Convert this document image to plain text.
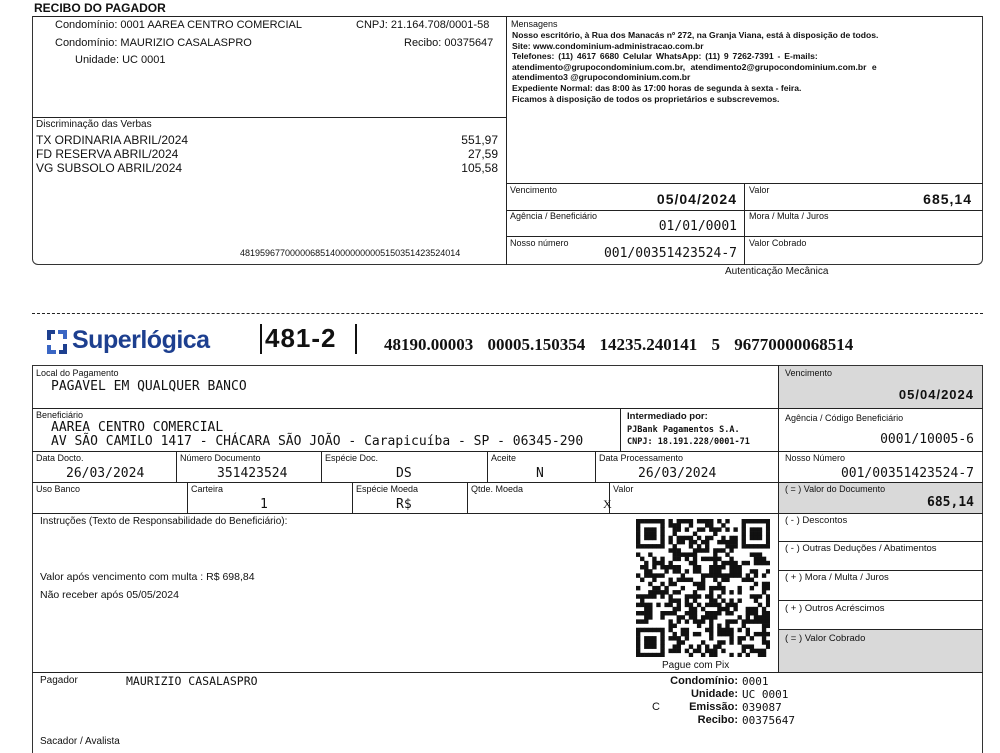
RECIBO DO PAGADOR
Condomínio: 0001 AAREA CENTRO COMERCIAL
Condomínio: MAURIZIO CASALASPRO
Unidade: UC 0001
CNPJ: 21.164.708/0001-58
Recibo: 00375647
Discriminação das Verbas
TX ORDINARIA ABRIL/2024	551,97
FD RESERVA ABRIL/2024	27,59
VG SUBSOLO ABRIL/2024	105,58
48195967700000685140000000005150351423524014
Mensagens
Nosso escritório, à Rua dos Manacás nº 272, na Granja Viana, está à disposição de todos.
Site: www.condominium-administracao.com.br
Telefones: (11) 4617 6680 Celular WhatsApp: (11) 9 7262-7391 - E-mails:
atendimento@grupocondominium.com.br, atendimento2@grupocondominium.com.br e
atendimento3 @grupocondominium.com.br
Expediente Normal: das 8:00 às 17:00 horas de segunda à sexta - feira.
Ficamos à disposição de todos os proprietários e subscrevemos.
Vencimento
05/04/2024
Valor
685,14
Agência / Beneficiário
01/01/0001
Mora / Multa / Juros
Nosso número
001/00351423524-7
Valor Cobrado
Autenticação Mecânica
Superlógica 481-2	48190.00003 00005.150354 14235.240141 5 96770000068514
Local do Pagamento
PAGAVEL EM QUALQUER BANCO
Vencimento
05/04/2024
Beneficiário
AAREA CENTRO COMERCIAL
AV SÃO CAMILO 1417 - CHÁCARA SÃO JOÃO - Carapicuíba - SP - 06345-290
Intermediado por:
PJBank Pagamentos S.A.
CNPJ: 18.191.228/0001-71
Agência / Código Beneficiário
0001/10005-6
Data Docto.
26/03/2024
Número Documento
351423524
Espécie Doc.
DS
Aceite
N
Data Processamento
26/03/2024
Nosso Número
001/00351423524-7
Uso Banco	Carteira
1
Espécie Moeda
R$
Qtde. Moeda	Valor
X
( = ) Valor do Documento
685,14
Instruções (Texto de Responsabilidade do Beneficiário):
Valor após vencimento com multa : R$ 698,84
Não receber após 05/05/2024
Pague com Pix
( - ) Descontos
( - ) Outras Deduções / Abatimentos
( + ) Mora / Multa / Juros
( + ) Outros Acréscimos
( = ) Valor Cobrado
Pagador	MAURIZIO CASALASPRO	Condomínio: 0001
Unidade: UC 0001
C	Emissão: 039087
Recibo: 00375647
Sacador / Avalista
